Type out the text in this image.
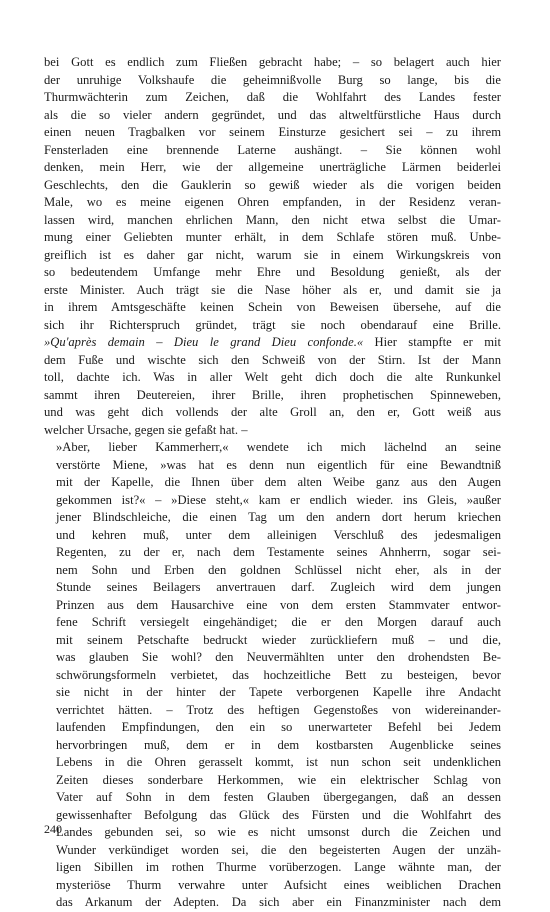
bei Gott es endlich zum Fließen gebracht habe; – so belagert auch hier
der unruhige Volkshaufe die geheimnißvolle Burg so lange, bis die
Thurmwächterin zum Zeichen, daß die Wohlfahrt des Landes fester
als die so vieler andern gegründet, und das altweltfürstliche Haus durch
einen neuen Tragbalken vor seinem Einsturze gesichert sei – zu ihrem
Fensterladen eine brennende Laterne aushängt. – Sie können wohl
denken, mein Herr, wie der allgemeine unerträgliche Lärmen beiderlei
Geschlechts, den die Gauklerin so gewiß wieder als die vorigen beiden
Male, wo es meine eigenen Ohren empfanden, in der Residenz veran-
lassen wird, manchen ehrlichen Mann, den nicht etwa selbst die Umar-
mung einer Geliebten munter erhält, in dem Schlafe stören muß. Unbe-
greiflich ist es daher gar nicht, warum sie in einem Wirkungskreis von
so bedeutendem Umfange mehr Ehre und Besoldung genießt, als der
erste Minister. Auch trägt sie die Nase höher als er, und damit sie ja
in ihrem Amtsgeschäfte keinen Schein von Beweisen übersehe, auf die
sich ihr Richterspruch gründet, trägt sie noch obendarauf eine Brille.
»Qu'après demain – Dieu le grand Dieu confonde.« Hier stampfte er mit
dem Fuße und wischte sich den Schweiß von der Stirn. Ist der Mann
toll, dachte ich. Was in aller Welt geht dich doch die alte Runkunkel
sammt ihren Deutereien, ihrer Brille, ihren prophetischen Spinneweben,
und was geht dich vollends der alte Groll an, den er, Gott weiß aus
welcher Ursache, gegen sie gefaßt hat. –

»Aber, lieber Kammerherr,« wendete ich mich lächelnd an seine
verstörte Miene, »was hat es denn nun eigentlich für eine Bewandtniß
mit der Kapelle, die Ihnen über dem alten Weibe ganz aus den Augen
gekommen ist?« – »Diese steht,« kam er endlich wieder. ins Gleis, »außer
jener Blindschleiche, die einen Tag um den andern dort herum kriechen
und kehren muß, unter dem alleinigen Verschluß des jedesmaligen
Regenten, zu der er, nach dem Testamente seines Ahnherrn, sogar sei-
nem Sohn und Erben den goldnen Schlüssel nicht eher, als in der
Stunde seines Beilagers anvertrauen darf. Zugleich wird dem jungen
Prinzen aus dem Hausarchive eine von dem ersten Stammvater entwor-
fene Schrift versiegelt eingehändiget; die er den Morgen darauf auch
mit seinem Petschafte bedruckt wieder zurückliefern muß – und die,
was glauben Sie wohl? den Neuvermählten unter den drohendsten Be-
schwörungsformeln verbietet, das hochzeitliche Bett zu besteigen, bevor
sie nicht in der hinter der Tapete verborgenen Kapelle ihre Andacht
verrichtet hätten. – Trotz des heftigen Gegenstoßes von widereinander-
laufenden Empfindungen, den ein so unerwarteter Befehl bei Jedem
hervorbringen muß, dem er in dem kostbarsten Augenblicke seines
Lebens in die Ohren gerasselt kommt, ist nun schon seit undenklichen
Zeiten dieses sonderbare Herkommen, wie ein elektrischer Schlag von
Vater auf Sohn in dem festen Glauben übergegangen, daß an dessen
gewissenhafter Befolgung das Glück des Fürsten und die Wohlfahrt des
Landes gebunden sei, so wie es nicht umsonst durch die Zeichen und
Wunder verkündiget worden sei, die den begeisterten Augen der unzäh-
ligen Sibillen im rothen Thurme vorüberzogen. Lange wähnte man, der
mysteriöse Thurm verwahre unter Aufsicht eines weiblichen Drachen
das Arkanum der Adepten. Da sich aber ein Finanzminister nach dem

240
